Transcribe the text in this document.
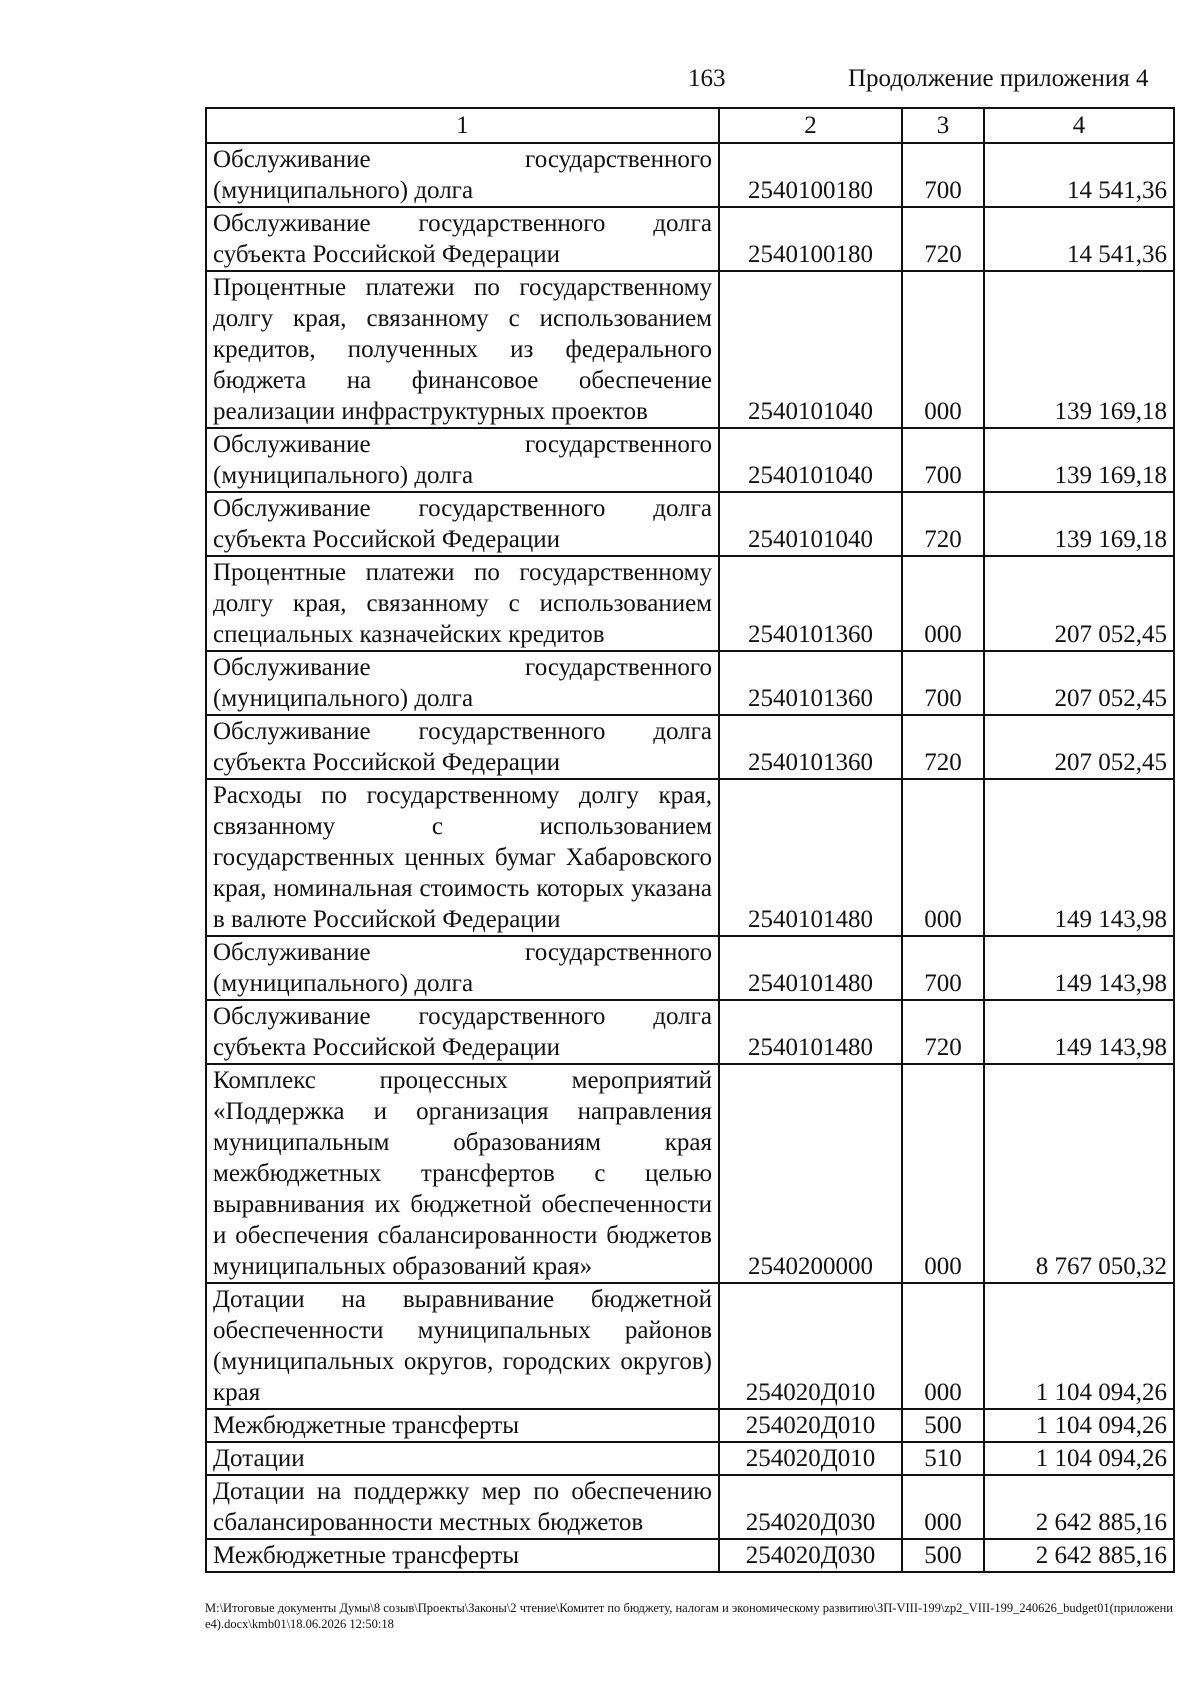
163	Продолжение приложения 4
1	2	3	4
Обслуживание государственного (муниципального) долга	2540100180	700	14 541,36
Обслуживание государственного долга субъекта Российской Федерации	2540100180	720	14 541,36
Процентные платежи по государственному долгу края, связанному с использованием кредитов, полученных из федерального бюджета на финансовое обеспечение реализации инфраструктурных проектов	2540101040	000	139 169,18
Обслуживание государственного (муниципального) долга	2540101040	700	139 169,18
Обслуживание государственного долга субъекта Российской Федерации	2540101040	720	139 169,18
Процентные платежи по государственному долгу края, связанному с использованием специальных казначейских кредитов	2540101360	000	207 052,45
Обслуживание государственного (муниципального) долга	2540101360	700	207 052,45
Обслуживание государственного долга субъекта Российской Федерации	2540101360	720	207 052,45
Расходы по государственному долгу края, связанному с использованием государственных ценных бумаг Хабаровского края, номинальная стоимость которых указана в валюте Российской Федерации	2540101480	000	149 143,98
Обслуживание государственного (муниципального) долга	2540101480	700	149 143,98
Обслуживание государственного долга субъекта Российской Федерации	2540101480	720	149 143,98
Комплекс процессных мероприятий «Поддержка и организация направления муниципальным образованиям края межбюджетных трансфертов с целью выравнивания их бюджетной обеспеченности и обеспечения сбалансированности бюджетов муниципальных образований края»	2540200000	000	8 767 050,32
Дотации на выравнивание бюджетной обеспеченности муниципальных районов (муниципальных округов, городских округов) края	254020Д010	000	1 104 094,26
Межбюджетные трансферты	254020Д010	500	1 104 094,26
Дотации	254020Д010	510	1 104 094,26
Дотации на поддержку мер по обеспечению сбалансированности местных бюджетов	254020Д030	000	2 642 885,16
Межбюджетные трансферты	254020Д030	500	2 642 885,16
M:\Итоговые документы Думы\8 созыв\Проекты\Законы\2 чтение\Комитет по бюджету, налогам и экономическому развитию\ЗП-VIII-199\zp2_VIII-199_240626_budget01(приложение4).docx\kmb01\18.06.2026 12:50:18
